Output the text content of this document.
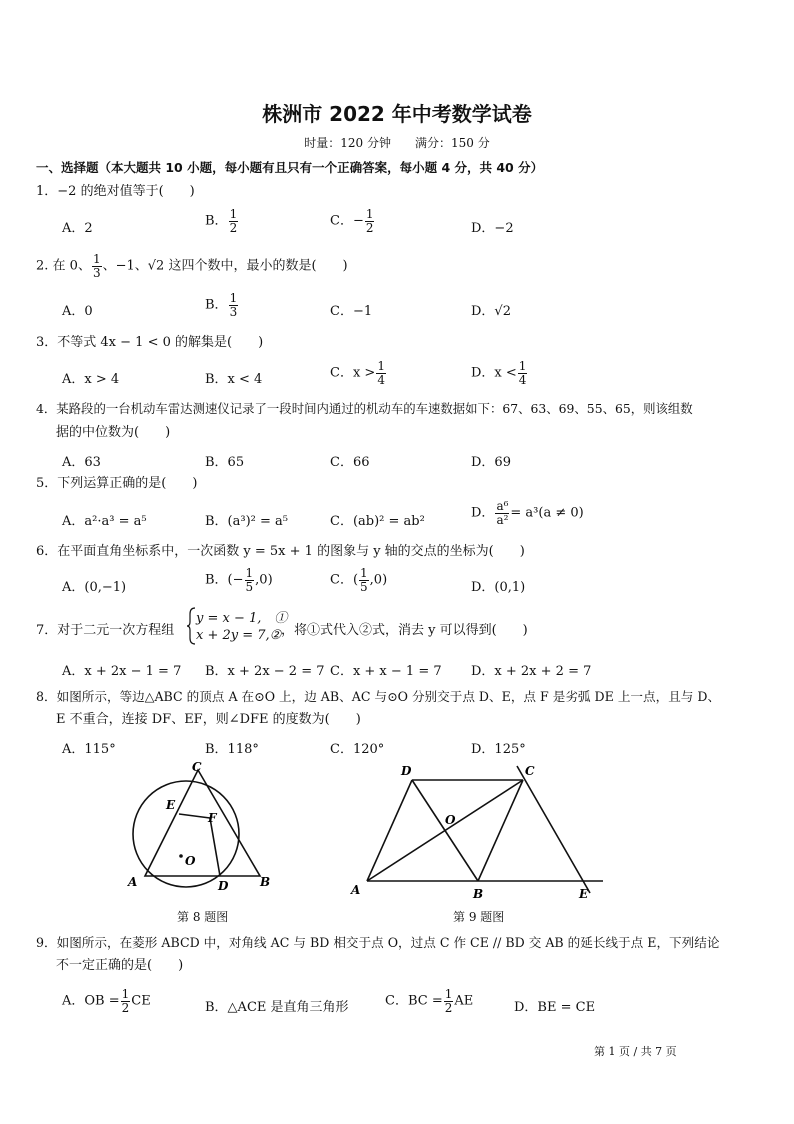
株洲市 2022 年中考数学试卷
时量：120 分钟　　满分：150 分
一、选择题（本大题共 10 小题，每小题有且只有一个正确答案，每小题 4 分，共 40 分）
1．−2 的绝对值等于(　　)
A．2	B． $\frac{1}{2}$	C．− $\frac{1}{2}$	D．−2
2. 在 0、 $\frac{1}{3}$ 、−1、√2 这四个数中，最小的数是(　　)
A．0	B． $\frac{1}{3}$	C．−1	D．√2
3．不等式 4x − 1 < 0 的解集是(　　)
A．x > 4	B．x < 4	C．$x > \frac{1}{4}$	D．$x < \frac{1}{4}$
4．某路段的一台机动车雷达测速仪记录了一段时间内通过的机动车的车速数据如下：67、63、69、55、65，则该组数
据的中位数为(　　)
A．63	B．65	C．66	D．69
5．下列运算正确的是(　　)
A．a²·a³ = a⁵	B．(a³)² = a⁵	C．(ab)² = ab²
D． $\frac{\text{a⁶}}{\text{a²}} = a^3(a \ne 0)$
6．在平面直角坐标系中，一次函数 y = 5x + 1 的图象与 y 轴的交点的坐标为(　　)
A．(0,−1)	B．(− $\frac{1}{5} ,0$)	C．( $\frac{1}{5} ,0$)	D．(0,1)
7．对于二元一次方程组
y = x − 1,　①
x + 2y = 7,② ，将①式代入②式，消去 y 可以得到(　　)
A．x + 2x − 1 = 7 B．x + 2x − 2 = 7 C．x + x − 1 = 7 D．x + 2x + 2 = 7
8．如图所示，等边△ABC 的顶点 A 在⊙O 上，边 AB、AC 与⊙O 分别交于点 D、E，点 F 是劣弧 DE 上一点，且与 D、
E 不重合，连接 DF、EF，则∠DFE 的度数为(　　)
A．115°	B．118°	C．120°	D．125°
C
E
F
O
A	D	B
第 8 题图
D	C
O
A	B	E
第 9 题图
9．如图所示，在菱形 ABCD 中，对角线 AC 与 BD 相交于点 O，过点 C 作 CE // BD 交 AB 的延长线于点 E，下列结论
不一定正确的是(　　)
A．OB = $\frac{1}{2}$ CE	B．△ACE 是直角三角形	C．BC = $\frac{1}{2}$ AE	D．BE = CE
第 1 页 / 共 7 页
